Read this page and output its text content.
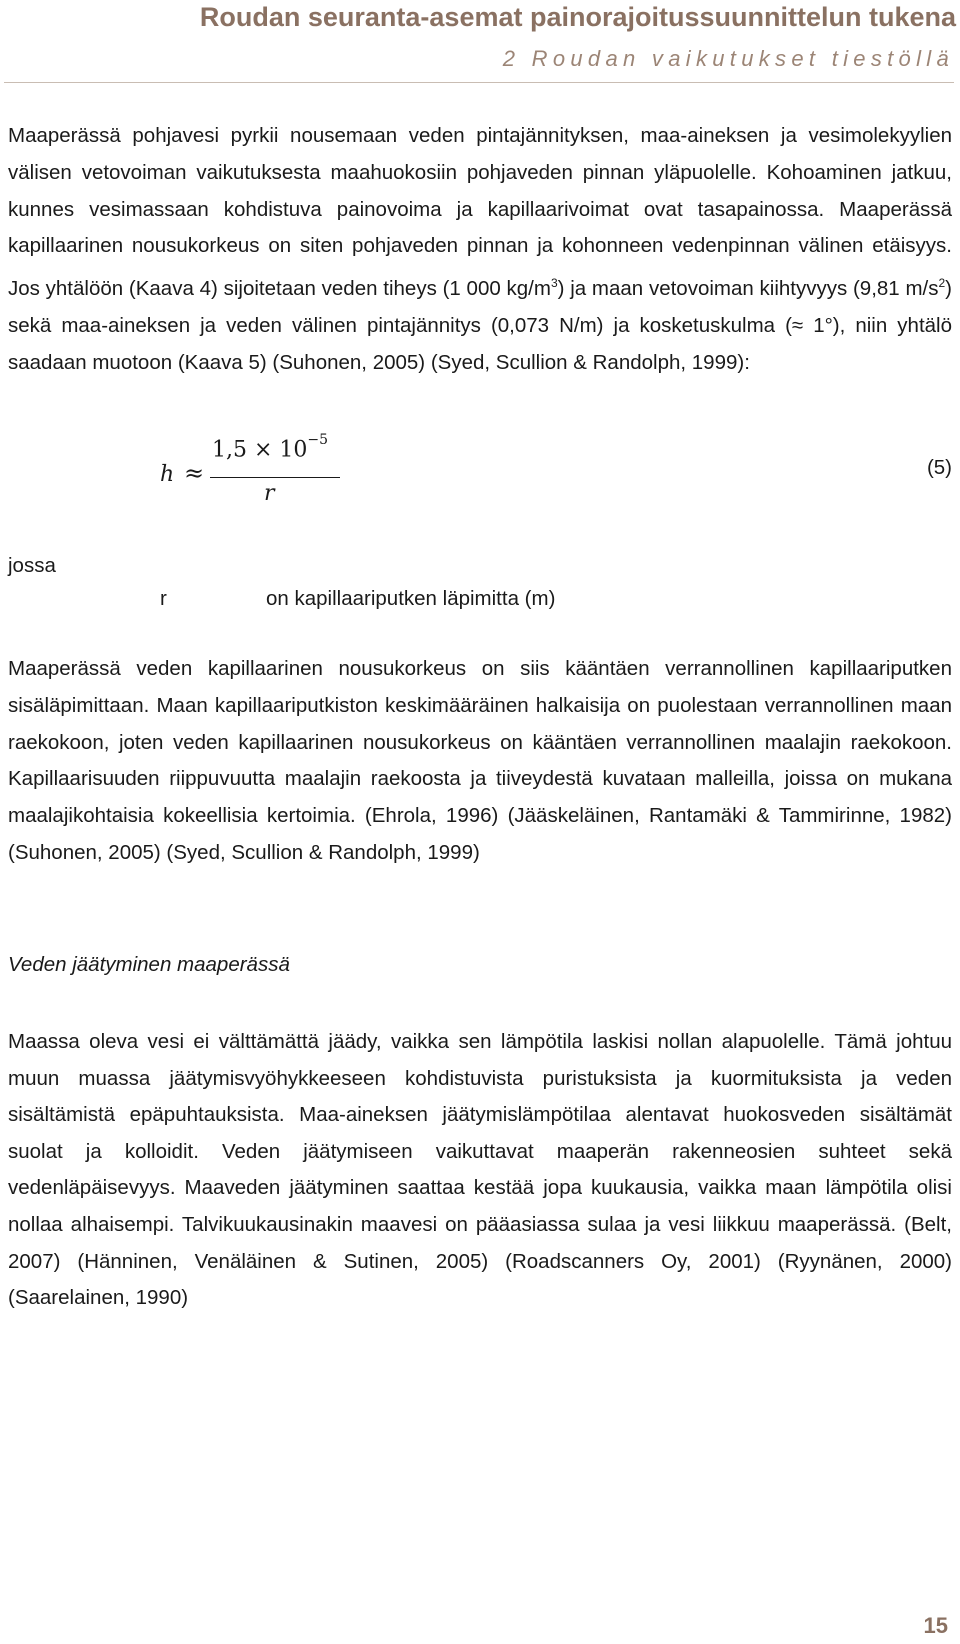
Roudan seuranta-asemat painorajoitussuunnittelun tukena
2 Roudan vaikutukset tiestöllä

Maaperässä pohjavesi pyrkii nousemaan veden pintajännityksen, maa-aineksen ja vesimolekyylien välisen vetovoiman vaikutuksesta maahuokosiin pohjaveden pinnan yläpuolelle. Kohoaminen jatkuu, kunnes vesimassaan kohdistuva painovoima ja kapillaarivoimat ovat tasapainossa. Maaperässä kapillaarinen nousukorkeus on siten pohjaveden pinnan ja kohonneen vedenpinnan välinen etäisyys. Jos yhtälöön (Kaava 4) sijoitetaan veden tiheys (1 000 $kg/m^3$) ja maan vetovoiman kiihtyvyys (9,81 $m/s^2$) sekä maa-aineksen ja veden välinen pintajännitys (0,073 N/m) ja kosketuskulma (≈ 1°), niin yhtälö saadaan muotoon (Kaava 5) (Suhonen, 2005) (Syed, Scullion & Randolph, 1999):

h ≈
$1,5 \times 10^{-5}$
r
(5)
jossa
r	on kapillaariputken läpimitta (m)

Maaperässä veden kapillaarinen nousukorkeus on siis kääntäen verrannollinen kapillaariputken sisäläpimittaan. Maan kapillaariputkiston keskimääräinen halkaisija on puolestaan verrannollinen maan raekokoon, joten veden kapillaarinen nousukorkeus on kääntäen verrannollinen maalajin raekokoon. Kapillaarisuuden riippuvuutta maalajin raekoosta ja tiiveydestä kuvataan malleilla, joissa on mukana maalajikohtaisia kokeellisia kertoimia. (Ehrola, 1996) (Jääskeläinen, Rantamäki & Tammirinne, 1982) (Suhonen, 2005) (Syed, Scullion & Randolph, 1999)

Veden jäätyminen maaperässä

Maassa oleva vesi ei välttämättä jäädy, vaikka sen lämpötila laskisi nollan alapuolelle. Tämä johtuu muun muassa jäätymisvyöhykkeeseen kohdistuvista puristuksista ja kuormituksista ja veden sisältämistä epäpuhtauksista. Maa-aineksen jäätymislämpötilaa alentavat huokosveden sisältämät suolat ja kolloidit. Veden jäätymiseen vaikuttavat maaperän rakenneosien suhteet sekä vedenläpäisevyys. Maaveden jäätyminen saattaa kestää jopa kuukausia, vaikka maan lämpötila olisi nollaa alhaisempi. Talvikuukausinakin maavesi on pääasiassa sulaa ja vesi liikkuu maaperässä. (Belt, 2007) (Hänninen, Venäläinen & Sutinen, 2005) (Roadscanners Oy, 2001) (Ryynänen, 2000) (Saarelainen, 1990)

15
